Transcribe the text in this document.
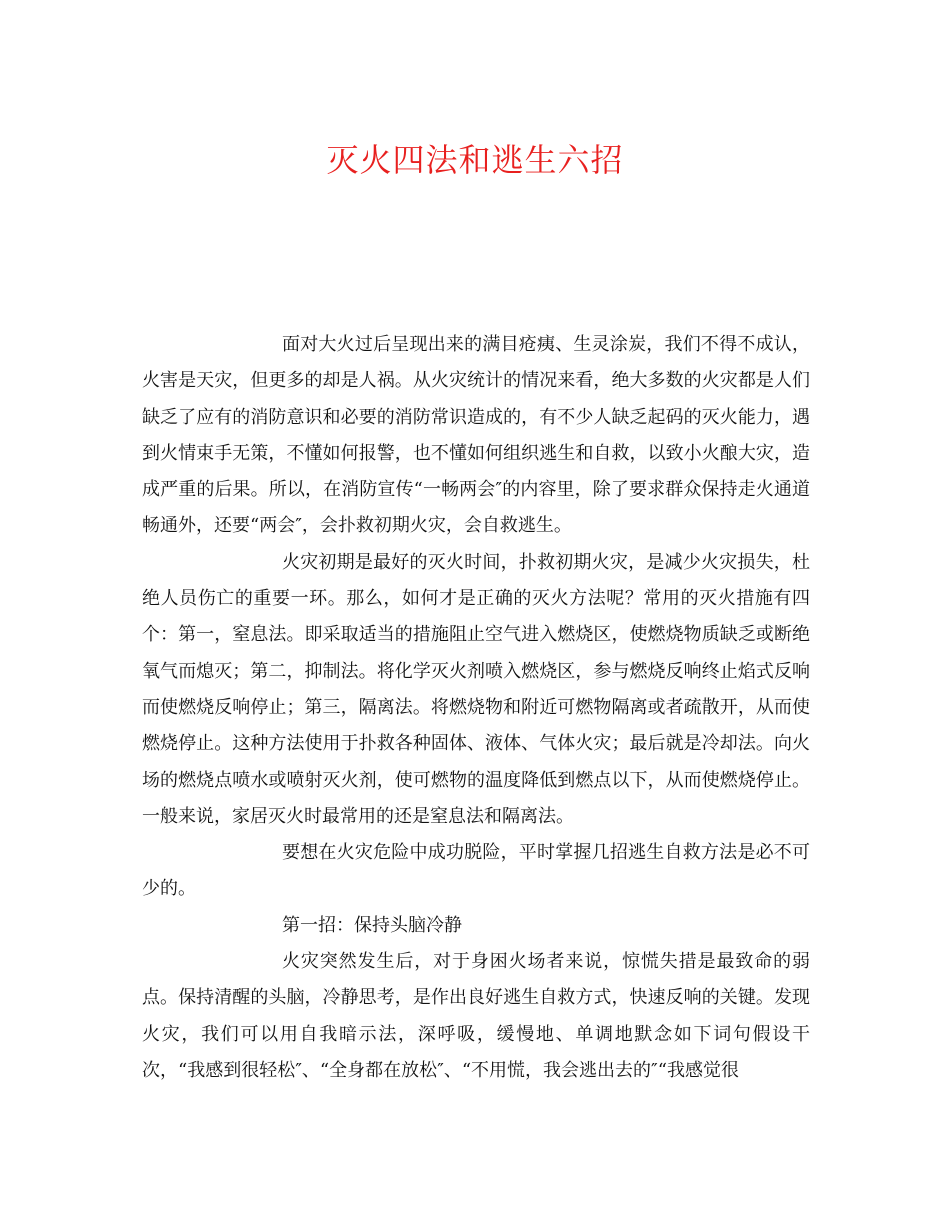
灭火四法和逃生六招

面对大火过后呈现出来的满目疮痍、生灵涂炭，我们不得不成认，火害是天灾，但更多的却是人祸。从火灾统计的情况来看，绝大多数的火灾都是人们缺乏了应有的消防意识和必要的消防常识造成的，有不少人缺乏起码的灭火能力，遇到火情束手无策，不懂如何报警，也不懂如何组织逃生和自救，以致小火酿大灾，造成严重的后果。所以，在消防宣传“一畅两会″的内容里，除了要求群众保持走火通道畅通外，还要“两会″，会扑救初期火灾，会自救逃生。

火灾初期是最好的灭火时间，扑救初期火灾，是减少火灾损失，杜绝人员伤亡的重要一环。那么，如何才是正确的灭火方法呢？常用的灭火措施有四个：第一，窒息法。即采取适当的措施阻止空气进入燃烧区，使燃烧物质缺乏或断绝氧气而熄灭；第二，抑制法。将化学灭火剂喷入燃烧区，参与燃烧反响终止焰式反响而使燃烧反响停止；第三，隔离法。将燃烧物和附近可燃物隔离或者疏散开，从而使燃烧停止。这种方法使用于扑救各种固体、液体、气体火灾；最后就是冷却法。向火场的燃烧点喷水或喷射灭火剂，使可燃物的温度降低到燃点以下，从而使燃烧停止。一般来说，家居灭火时最常用的还是窒息法和隔离法。

要想在火灾危险中成功脱险，平时掌握几招逃生自救方法是必不可少的。

第一招：保持头脑冷静

火灾突然发生后，对于身困火场者来说，惊慌失措是最致命的弱点。保持清醒的头脑，冷静思考，是作出良好逃生自救方式，快速反响的关键。发现火灾，我们可以用自我暗示法，深呼吸，缓慢地、单调地默念如下词句假设干次，“我感到很轻松″、“全身都在放松″、“不用慌，我会逃出去的″“我感觉很
